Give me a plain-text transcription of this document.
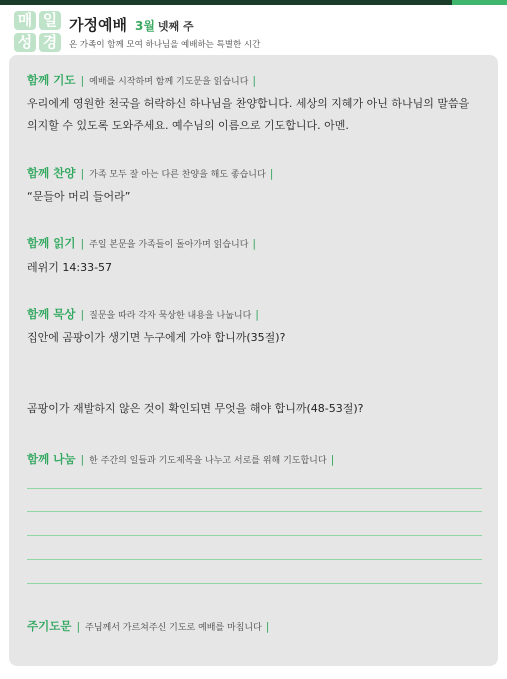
매 일
성 경
가정예배 3월 넷째 주
온 가족이 함께 모여 하나님을 예배하는 특별한 시간
함께 기도 | 예배를 시작하며 함께 기도문을 읽습니다 |
우리에게 영원한 천국을 허락하신 하나님을 찬양합니다. 세상의 지혜가 아닌 하나님의 말씀을 의지할 수 있도록 도와주세요. 예수님의 이름으로 기도합니다. 아멘.
함께 찬양 | 가족 모두 잘 아는 다른 찬양을 해도 좋습니다 |
“문들아 머리 들어라”
함께 읽기 | 주일 본문을 가족들이 돌아가며 읽습니다 |
레위기 14:33-57
함께 묵상 | 질문을 따라 각자 묵상한 내용을 나눕니다 |
집안에 곰팡이가 생기면 누구에게 가야 합니까(35절)?
곰팡이가 재발하지 않은 것이 확인되면 무엇을 해야 합니까(48-53절)?
함께 나눔 | 한 주간의 일들과 기도제목을 나누고 서로를 위해 기도합니다 |
주기도문 | 주님께서 가르쳐주신 기도로 예배를 마칩니다 |
